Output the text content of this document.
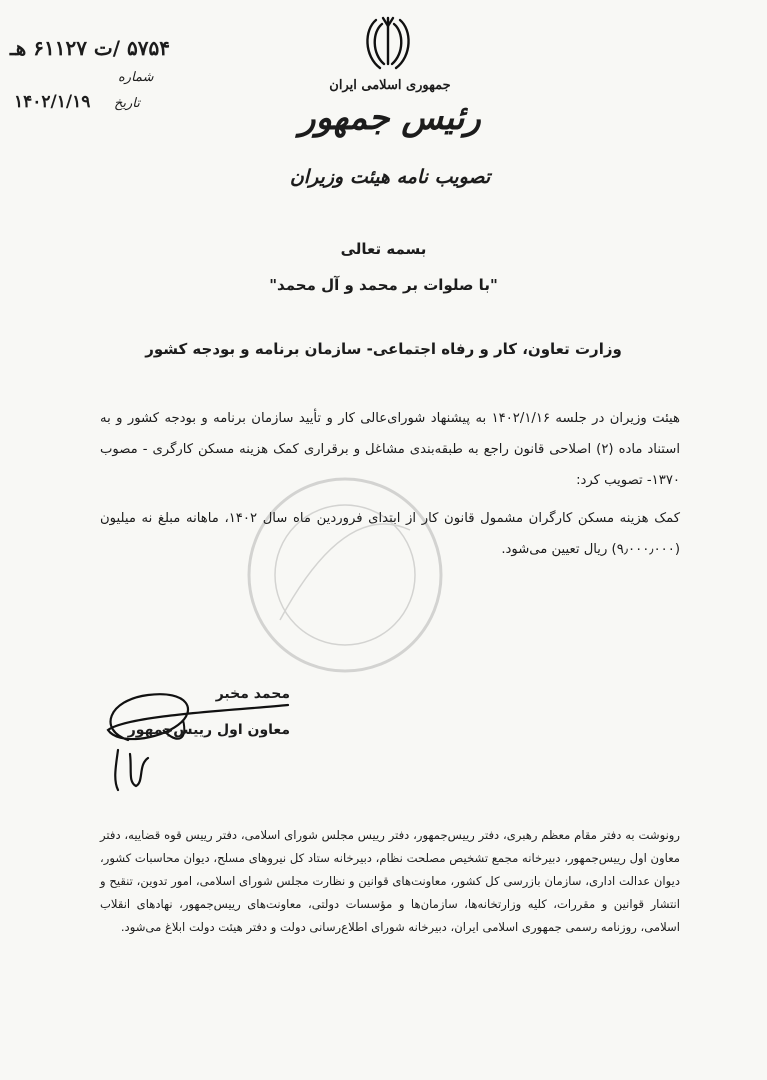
جمهوری اسلامی ایران
رئیس جمهور
تصویب نامه هیئت وزیران
۵۷۵۴ /ت ۶۱۱۲۷ هـ
شماره
۱۴۰۲/۱/۱۹ تاریخ
بسمه تعالی
"با صلوات بر محمد و آل محمد"
وزارت تعاون، کار و رفاه اجتماعی- سازمان برنامه و بودجه کشور
هیئت وزیران در جلسه ۱۴۰۲/۱/۱۶ به پیشنهاد شورای‌عالی کار و تأیید سازمان برنامه و بودجه کشور و به استناد ماده (۲) اصلاحی قانون راجع به طبقه‌بندی مشاغل و برقراری کمک هزینه مسکن کارگری - مصوب ۱۳۷۰- تصویب کرد:
کمک هزینه مسکن کارگران مشمول قانون کار از ابتدای فروردین ماه سال ۱۴۰۲، ماهانه مبلغ نه میلیون (۹٫۰۰۰٫۰۰۰) ریال تعیین می‌شود.
محمد مخبر
معاون اول رییس‌جمهور
رونوشت به دفتر مقام معظم رهبری، دفتر رییس‌جمهور، دفتر رییس مجلس شورای اسلامی، دفتر رییس قوه قضاییه، دفتر معاون اول رییس‌جمهور، دبیرخانه مجمع تشخیص مصلحت نظام، دبیرخانه ستاد کل نیروهای مسلح، دیوان محاسبات کشور، دیوان عدالت اداری، سازمان بازرسی کل کشور، معاونت‌های قوانین و نظارت مجلس شورای اسلامی، امور تدوین، تنقیح و انتشار قوانین و مقررات، کلیه وزارتخانه‌ها، سازمان‌ها و مؤسسات دولتی، معاونت‌های رییس‌جمهور، نهادهای انقلاب اسلامی، روزنامه رسمی جمهوری اسلامی ایران، دبیرخانه شورای اطلاع‌رسانی دولت و دفتر هیئت دولت ابلاغ می‌شود.
